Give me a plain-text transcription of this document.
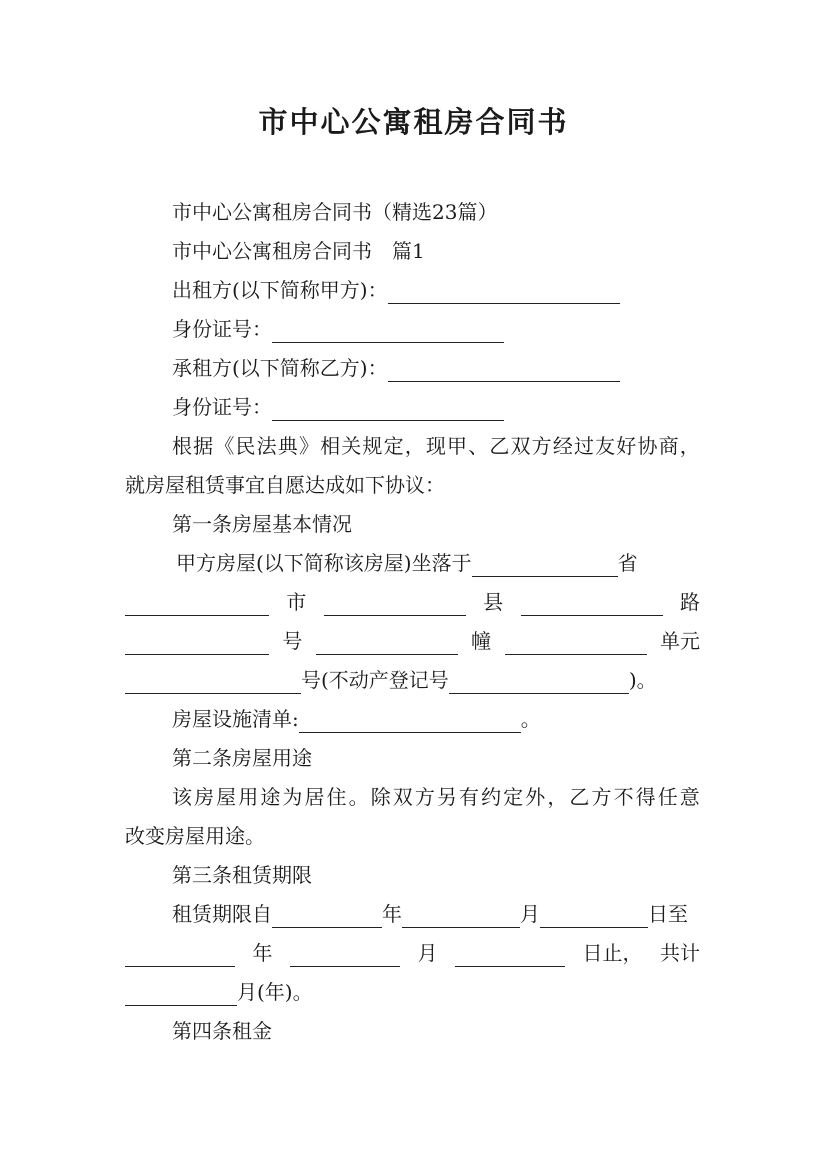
市中心公寓租房合同书
市中心公寓租房合同书（精选23篇）
市中心公寓租房合同书　篇1
出租方(以下简称甲方)：
身份证号：
承租方(以下简称乙方)：
身份证号：
根 据 《 民 法 典 》 相 关 规 定 ， 现 甲 、 乙 双 方 经 过 友 好 协 商 ，
就房屋租赁事宜自愿达成如下协议：
第一条房屋基本情况
甲方房屋(以下简称该房屋)坐落于	省
市	县	路
号	幢	单元
号(不动产登记号	)。
房屋设施清单:	。
第二条房屋用途
该 房 屋 用 途 为 居 住 。 除 双 方 另 有 约 定 外 ， 乙 方 不 得 任 意
改变房屋用途。
第三条租赁期限
租赁期限自	年	月	日至
年	月	日止， 共计
月(年)。
第四条租金
